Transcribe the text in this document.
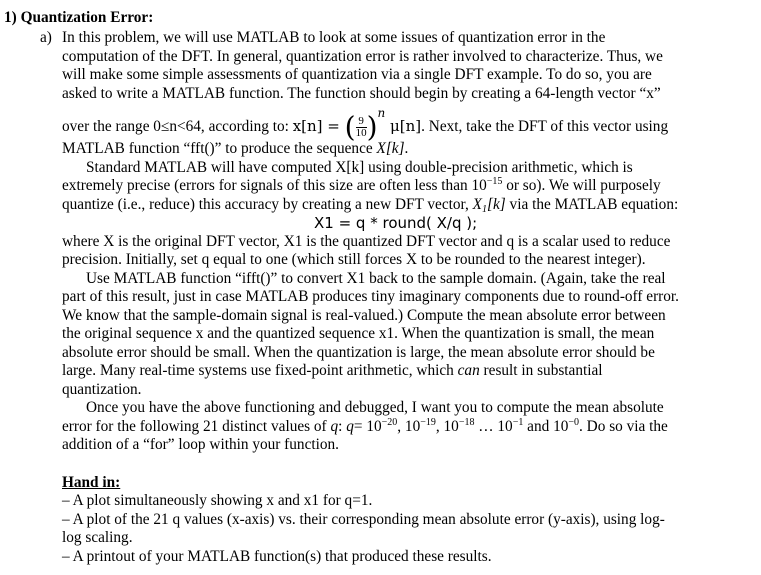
1) Quantization Error:
a) In this problem, we will use MATLAB to look at some issues of quantization error in the
computation of the DFT. In general, quantization error is rather involved to characterize. Thus, we
will make some simple assessments of quantization via a single DFT example. To do so, you are
asked to write a MATLAB function. The function should begin by creating a 64-length vector “x”
over the range 0≤n<64, according to: x[n] = ( $\frac{9}{10} )^n$ μ[n]. Next, take the DFT of this vector using
MATLAB function “fft()” to produce the sequence X[k].
Standard MATLAB will have computed X[k] using double-precision arithmetic, which is
extremely precise (errors for signals of this size are often less than $10^{-15}$ or so). We will purposely
quantize (i.e., reduce) this accuracy by creating a new DFT vector, $X_1[k]$ via the MATLAB equation:
X1 = q * round( X/q );
where X is the original DFT vector, X1 is the quantized DFT vector and q is a scalar used to reduce
precision. Initially, set q equal to one (which still forces X to be rounded to the nearest integer).
Use MATLAB function “ifft()” to convert X1 back to the sample domain. (Again, take the real
part of this result, just in case MATLAB produces tiny imaginary components due to round-off error.
We know that the sample-domain signal is real-valued.) Compute the mean absolute error between
the original sequence x and the quantized sequence x1. When the quantization is small, the mean
absolute error should be small. When the quantization is large, the mean absolute error should be
large. Many real-time systems use fixed-point arithmetic, which can result in substantial
quantization.
Once you have the above functioning and debugged, I want you to compute the mean absolute
error for the following 21 distinct values of q: $q= 10^{-20}$, $10^{-19}$, $10^{-18}$ … $10^{-1}$ and $10^{-0}$. Do so via the
addition of a “for” loop within your function.
Hand in:
– A plot simultaneously showing x and x1 for q=1.
– A plot of the 21 q values (x-axis) vs. their corresponding mean absolute error (y-axis), using log-
log scaling.
– A printout of your MATLAB function(s) that produced these results.
